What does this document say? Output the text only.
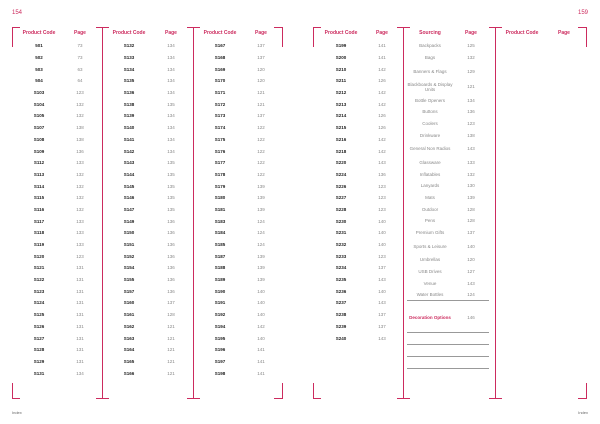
154	159
Index	Index
Product Code	Page
501	73
502	73
503	63
504	64
S103	123
S104	132
S105	132
S107	138
S108	138
S109	136
S112	133
S113	132
S114	132
S115	132
S116	132
S117	133
S118	133
S119	133
S120	123
S121	131
S122	131
S123	131
S124	131
S125	131
S126	131
S127	131
S128	131
S129	131
S131	134
Product Code	Page
S132	134
S133	134
S134	134
S135	134
S136	134
S138	135
S139	134
S140	134
S141	134
S142	134
S143	135
S144	135
S145	135
S146	135
S147	135
S149	136
S150	136
S151	136
S152	136
S154	136
S155	136
S157	136
S160	137
S161	128
S162	121
S163	121
S164	121
S165	121
S166	121
Product Code	Page
S167	137
S168	137
S169	120
S170	120
S171	121
S172	121
S173	137
S174	122
S175	122
S176	122
S177	122
S178	122
S179	139
S180	139
S181	139
S183	124
S184	124
S185	124
S187	139
S188	139
S189	139
S190	140
S191	140
S192	140
S194	142
S195	140
S196	141
S197	141
S198	141
Product Code	Page
S199	141
S200	141
S210	142
S211	126
S212	142
S213	142
S214	126
S215	126
S216	142
S218	142
S220	143
S224	136
S226	123
S227	123
S228	123
S230	140
S231	140
S232	140
S233	123
S234	137
S235	143
S236	140
S237	143
S238	137
S239	137
S240	143
Sourcing	Page
Backpacks	125
Bags	132
Banners & Flags	129
Blackboards & Display Units	121
Bottle Openers	134
Buttons	136
Coolers	123
Drinkware	138
General Non Radios	143
Glassware	133
Inflatables	132
Lanyards	130
Mats	139
Outdoor	128
Pens	128
Premium Gifts	137
Sports & Leisure	140
Umbrellas	120
USB Drives	127
Venue	143
Water Bottles	124
Decoration Options	146
Product Code	Page
